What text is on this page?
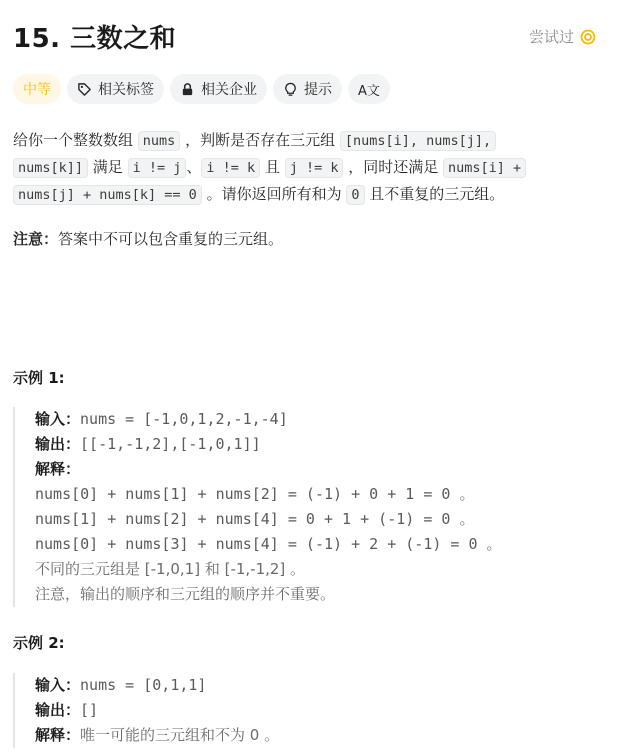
15. 三数之和	尝试过
中等	相关标签	相关企业	提示 A文

给你一个整数数组 nums ，判断是否存在三元组 [nums[i], nums[j],
nums[k]] 满足 i != j 、 i != k 且 j != k ，同时还满足 nums[i] +
nums[j] + nums[k] == 0 。请你返回所有和为 0 且不重复的三元组。

注意：答案中不可以包含重复的三元组。
示例 1:
输入：nums = [-1,0,1,2,-1,-4]
输出：[[-1,-1,2],[-1,0,1]]
解释：
nums[0] + nums[1] + nums[2] = (-1) + 0 + 1 = 0 。
nums[1] + nums[2] + nums[4] = 0 + 1 + (-1) = 0 。
nums[0] + nums[3] + nums[4] = (-1) + 2 + (-1) = 0 。
不同的三元组是 [-1,0,1] 和 [-1,-1,2] 。
注意，输出的顺序和三元组的顺序并不重要。
示例 2:
输入：nums = [0,1,1]
输出：[]
解释：唯一可能的三元组和不为 0 。
